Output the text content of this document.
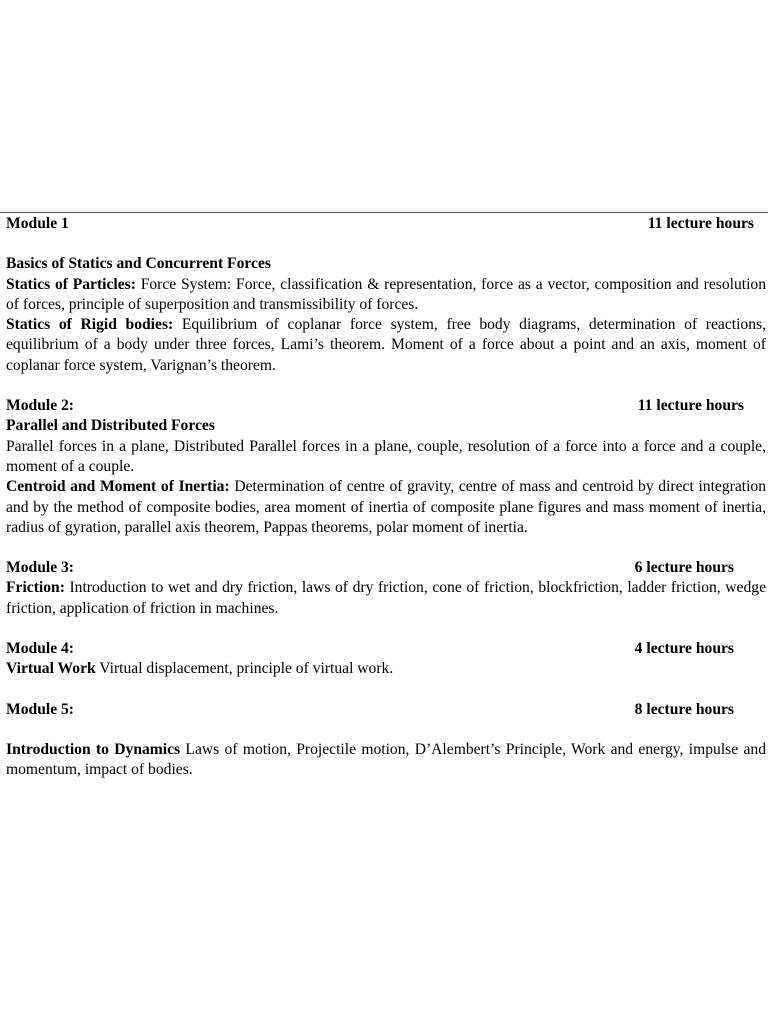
Module 1	11 lecture hours
Basics of Statics and Concurrent Forces

Statics of Particles: Force System: Force, classification & representation, force as a vector, composition and resolution of forces, principle of superposition and transmissibility of forces.

Statics of Rigid bodies: Equilibrium of coplanar force system, free body diagrams, determination of reactions, equilibrium of a body under three forces, Lami’s theorem. Moment of a force about a point and an axis, moment of coplanar force system, Varignan’s theorem.

Module 2:	11 lecture hours
Parallel and Distributed Forces

Parallel forces in a plane, Distributed Parallel forces in a plane, couple, resolution of a force into a force and a couple, moment of a couple.

Centroid and Moment of Inertia: Determination of centre of gravity, centre of mass and centroid by direct integration and by the method of composite bodies, area moment of inertia of composite plane figures and mass moment of inertia, radius of gyration, parallel axis theorem, Pappas theorems, polar moment of inertia.

Module 3:	6 lecture hours

Friction: Introduction to wet and dry friction, laws of dry friction, cone of friction, blockfriction, ladder friction, wedge friction, application of friction in machines.

Module 4:	4 lecture hours

Virtual Work Virtual displacement, principle of virtual work.

Module 5:	8 lecture hours

Introduction to Dynamics Laws of motion, Projectile motion, D’Alembert’s Principle, Work and energy, impulse and momentum, impact of bodies.
